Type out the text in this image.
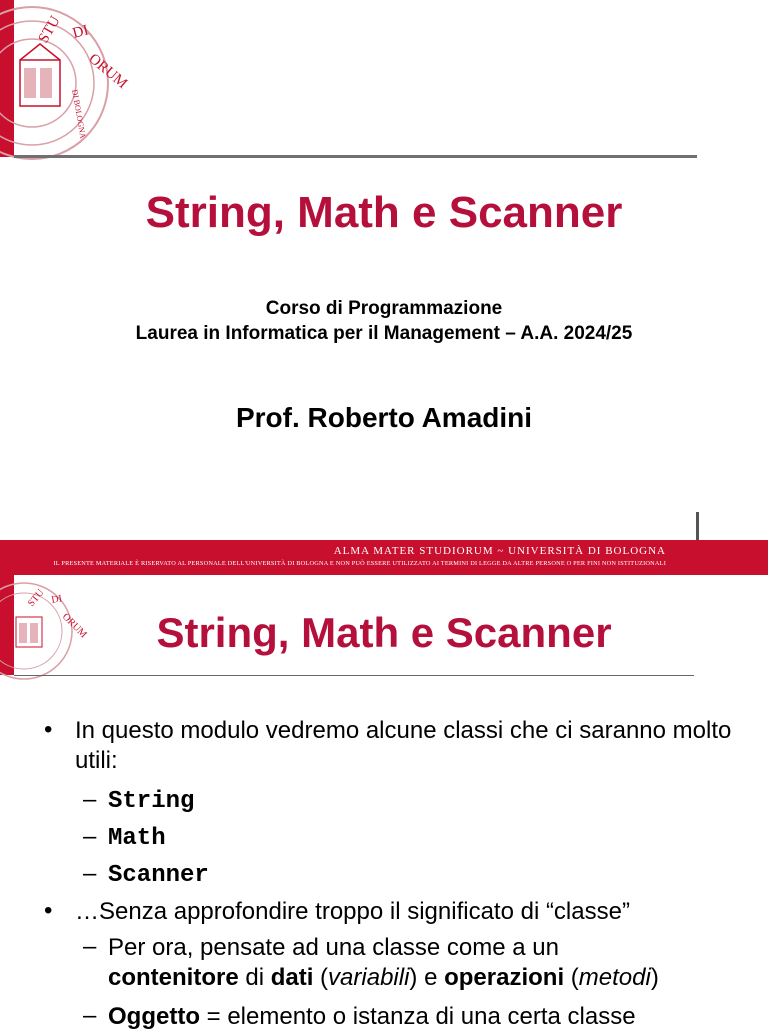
STU DI
ORUM
DI BOLOGNA
String, Math e Scanner
Corso di Programmazione
Laurea in Informatica per il Management – A.A. 2024/25
Prof. Roberto Amadini
ALMA MATER STUDIORUM ~ UNIVERSITÀ DI BOLOGNA
IL PRESENTE MATERIALE È RISERVATO AL PERSONALE DELL'UNIVERSITÀ DI BOLOGNA E NON PUÒ ESSERE UTILIZZATO AI TERMINI DI LEGGE DA ALTRE PERSONE O PER FINI NON ISTITUZIONALI
STU DI
ORUM	String, Math e Scanner
• In questo modulo vedremo alcune classi che ci saranno molto utili:
– String
– Math
– Scanner
• …Senza approfondire troppo il significato di “classe”
– Per ora, pensate ad una classe come a un
contenitore di dati (variabili) e operazioni (metodi)
– Oggetto = elemento o istanza di una certa classe
